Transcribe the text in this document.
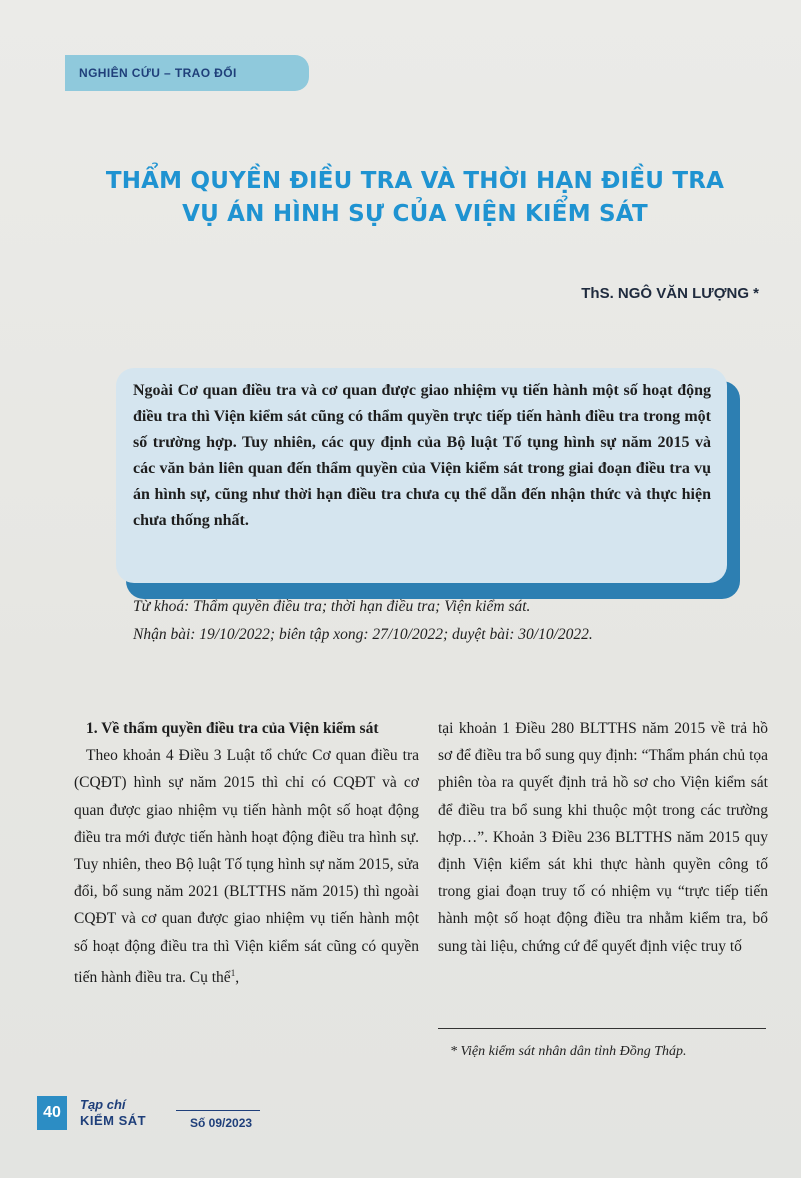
NGHIÊN CỨU – TRAO ĐỔI
THẨM QUYỀN ĐIỀU TRA VÀ THỜI HẠN ĐIỀU TRA
VỤ ÁN HÌNH SỰ CỦA VIỆN KIỂM SÁT
ThS. NGÔ VĂN LƯỢNG *
Ngoài Cơ quan điều tra và cơ quan được giao nhiệm vụ tiến hành một số hoạt động điều tra thì Viện kiểm sát cũng có thẩm quyền trực tiếp tiến hành điều tra trong một số trường hợp. Tuy nhiên, các quy định của Bộ luật Tố tụng hình sự năm 2015 và các văn bản liên quan đến thẩm quyền của Viện kiểm sát trong giai đoạn điều tra vụ án hình sự, cũng như thời hạn điều tra chưa cụ thể dẫn đến nhận thức và thực hiện chưa thống nhất.
Từ khoá: Thẩm quyền điều tra; thời hạn điều tra; Viện kiểm sát.
Nhận bài: 19/10/2022; biên tập xong: 27/10/2022; duyệt bài: 30/10/2022.
1. Về thẩm quyền điều tra của Viện kiểm sát
Theo khoản 4 Điều 3 Luật tổ chức Cơ quan điều tra (CQĐT) hình sự năm 2015 thì chỉ có CQĐT và cơ quan được giao nhiệm vụ tiến hành một số hoạt động điều tra mới được tiến hành hoạt động điều tra hình sự. Tuy nhiên, theo Bộ luật Tố tụng hình sự năm 2015, sửa đổi, bổ sung năm 2021 (BLTTHS năm 2015) thì ngoài CQĐT và cơ quan được giao nhiệm vụ tiến hành một số hoạt động điều tra thì Viện kiểm sát cũng có quyền tiến hành điều tra. Cụ thể$^1$,
tại khoản 1 Điều 280 BLTTHS năm 2015 về trả hồ sơ để điều tra bổ sung quy định: “Thẩm phán chủ tọa phiên tòa ra quyết định trả hồ sơ cho Viện kiểm sát để điều tra bổ sung khi thuộc một trong các trường hợp…”. Khoản 3 Điều 236 BLTTHS năm 2015 quy định Viện kiểm sát khi thực hành quyền công tố trong giai đoạn truy tố có nhiệm vụ “trực tiếp tiến hành một số hoạt động điều tra nhằm kiểm tra, bổ sung tài liệu, chứng cứ để quyết định việc truy tố
* Viện kiểm sát nhân dân tỉnh Đồng Tháp.
40	Tạp chí
KIỂM SÁT	Số 09/2023
